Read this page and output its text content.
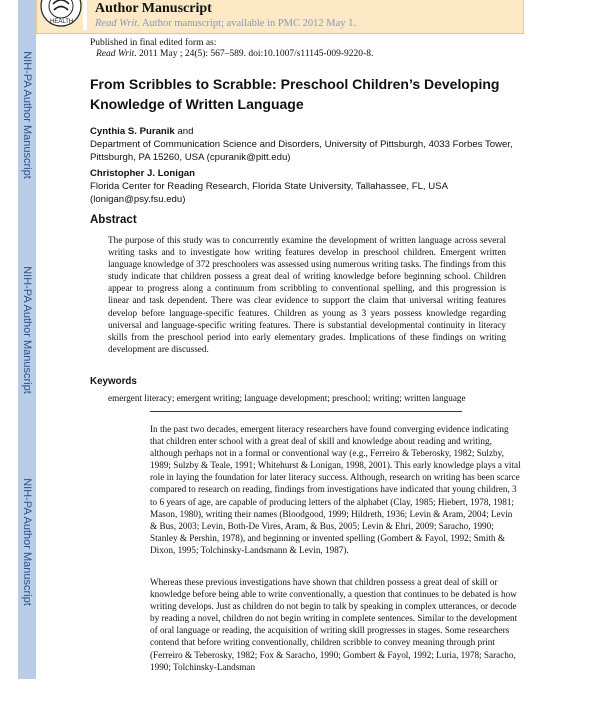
NIH-PA Author Manuscript
NIH-PA Author Manuscript
NIH-PA Author Manuscript
HEALTH
Author Manuscript
Read Writ. Author manuscript; available in PMC 2012 May 1.
Published in final edited form as:
Read Writ. 2011 May ; 24(5): 567–589. doi:10.1007/s11145-009-9220-8.
From Scribbles to Scrabble: Preschool Children’s Developing Knowledge of Written Language
Cynthia S. Puranik and
Department of Communication Science and Disorders, University of Pittsburgh, 4033 Forbes Tower, Pittsburgh, PA 15260, USA (cpuranik@pitt.edu)
Christopher J. Lonigan
Florida Center for Reading Research, Florida State University, Tallahassee, FL, USA (lonigan@psy.fsu.edu)
Abstract
The purpose of this study was to concurrently examine the development of written language across several writing tasks and to investigate how writing features develop in preschool children. Emergent written language knowledge of 372 preschoolers was assessed using numerous writing tasks. The findings from this study indicate that children possess a great deal of writing knowledge before beginning school. Children appear to progress along a continuum from scribbling to conventional spelling, and this progression is linear and task dependent. There was clear evidence to support the claim that universal writing features develop before language-specific features. Children as young as 3 years possess knowledge regarding universal and language-specific writing features. There is substantial developmental continuity in literacy skills from the preschool period into early elementary grades. Implications of these findings on writing development are discussed.
Keywords
emergent literacy; emergent writing; language development; preschool; writing; written language
In the past two decades, emergent literacy researchers have found converging evidence indicating that children enter school with a great deal of skill and knowledge about reading and writing, although perhaps not in a formal or conventional way (e.g., Ferreiro & Teberosky, 1982; Sulzby, 1989; Sulzby & Teale, 1991; Whitehurst & Lonigan, 1998, 2001). This early knowledge plays a vital role in laying the foundation for later literacy success. Although, research on writing has been scarce compared to research on reading, findings from investigations have indicated that young children, 3 to 6 years of age, are capable of producing letters of the alphabet (Clay, 1985; Hiebert, 1978, 1981; Mason, 1980), writing their names (Bloodgood, 1999; Hildreth, 1936; Levin & Aram, 2004; Levin & Bus, 2003; Levin, Both-De Vires, Aram, & Bus, 2005; Levin & Ehri, 2009; Saracho, 1990; Stanley & Pershin, 1978), and beginning or invented spelling (Gombert & Fayol, 1992; Smith & Dixon, 1995; Tolchinsky-Landsmann & Levin, 1987).
Whereas these previous investigations have shown that children possess a great deal of skill or knowledge before being able to write conventionally, a question that continues to be debated is how writing develops. Just as children do not begin to talk by speaking in complex utterances, or decode by reading a novel, children do not begin writing in complete sentences. Similar to the development of oral language or reading, the acquisition of writing skill progresses in stages. Some researchers contend that before writing conventionally, children scribble to convey meaning through print (Ferreiro & Teberosky, 1982; Fox & Saracho, 1990; Gombert & Fayol, 1992; Luria, 1978; Saracho, 1990; Tolchinsky-Landsman
